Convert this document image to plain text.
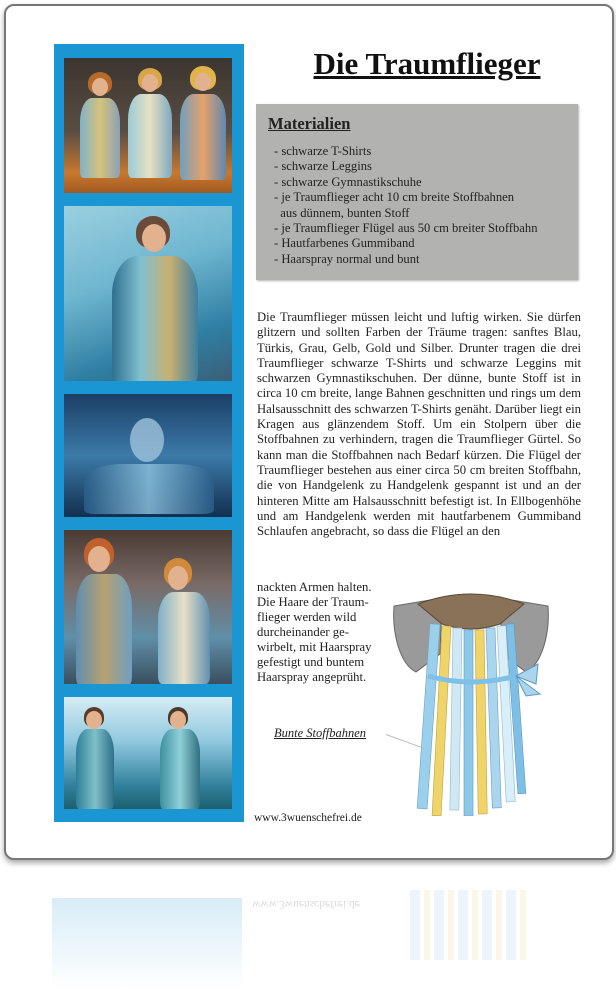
Die Traumflieger
Materialien
- schwarze T-Shirts
- schwarze Leggins
- schwarze Gymnastikschuhe
- je Traumflieger acht 10 cm breite Stoffbahnen
aus dünnem, bunten Stoff
- je Traumflieger Flügel aus 50 cm breiter Stoffbahn
- Hautfarbenes Gummiband
- Haarspray normal und bunt

Die Traumflieger müssen leicht und luftig wirken. Sie dürfen glitzern und sollten Farben der Träume tragen: sanftes Blau, Türkis, Grau, Gelb, Gold und Silber. Drunter tragen die drei Traumflieger schwarze T-Shirts und schwarze Leggins mit schwarzen Gymnastikschuhen. Der dünne, bunte Stoff ist in circa 10 cm breite, lange Bahnen geschnitten und rings um dem Halsausschnitt des schwarzen T-Shirts genäht. Darüber liegt ein Kragen aus glänzendem Stoff. Um ein Stolpern über die Stoffbahnen zu verhindern, tragen die Traumflieger Gürtel. So kann man die Stoffbahnen nach Bedarf kürzen. Die Flügel der Traumflieger bestehen aus einer circa 50 cm breiten Stoffbahn, die von Handgelenk zu Handgelenk gespannt ist und an der hinteren Mitte am Halsausschnitt befestigt ist. In Ellbogenhöhe und am Handgelenk werden mit hautfarbenem Gummiband Schlaufen angebracht, so dass die Flügel an den

nackten Armen halten.
Die Haare der Traum-
flieger werden wild
durcheinander ge-
wirbelt, mit Haarspray
gefestigt und buntem
Haarspray angeprüht.

Bunte Stoffbahnen

www.3wuenschefrei.de

www.3wuenschefrei.de
